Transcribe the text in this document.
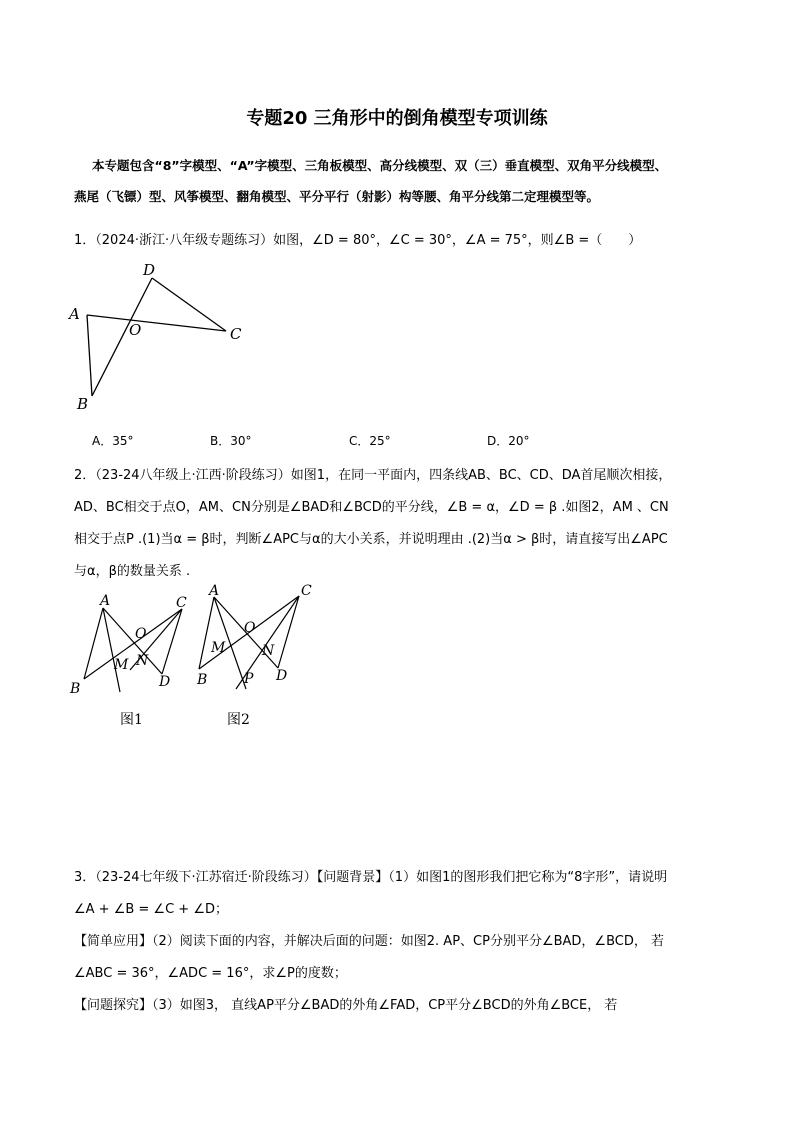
专题20 三角形中的倒角模型专项训练
本专题包含“8”字模型、“A”字模型、三角板模型、高分线模型、双（三）垂直模型、双角平分线模型、
燕尾（飞镖）型、风筝模型、翻角模型、平分平行（射影）构等腰、角平分线第二定理模型等。
1．（2024·浙江·八年级专题练习）如图，∠D = 80°，∠C = 30°，∠A = 75°，则∠B =（　　）
A
B
C
D
O
A．35°	B．30°	C．25°	D．20°
2．（23-24八年级上·江西·阶段练习）如图1，在同一平面内，四条线AB、BC、CD、DA首尾顺次相接，
AD、BC相交于点O，AM、CN分别是∠BAD和∠BCD的平分线，∠B = α，∠D = β .如图2，AM 、CN
相交于点P .(1)当α = β时，判断∠APC与α的大小关系，并说明理由 .(2)当α > β时，请直接写出∠APC
与α，β的数量关系 .
A
B
C
D
O
M N
图1
A
B
C
D
O
M	N
P
图2
3．（23-24七年级下·江苏宿迁·阶段练习）【问题背景】（1）如图1的图形我们把它称为“8字形”，请说明
∠A + ∠B = ∠C + ∠D；
【简单应用】（2）阅读下面的内容，并解决后面的问题：如图2. AP、CP分别平分∠BAD，∠BCD， 若
∠ABC = 36°，∠ADC = 16°，求∠P的度数；
【问题探究】（3）如图3， 直线AP平分∠BAD的外角∠FAD，CP平分∠BCD的外角∠BCE， 若
